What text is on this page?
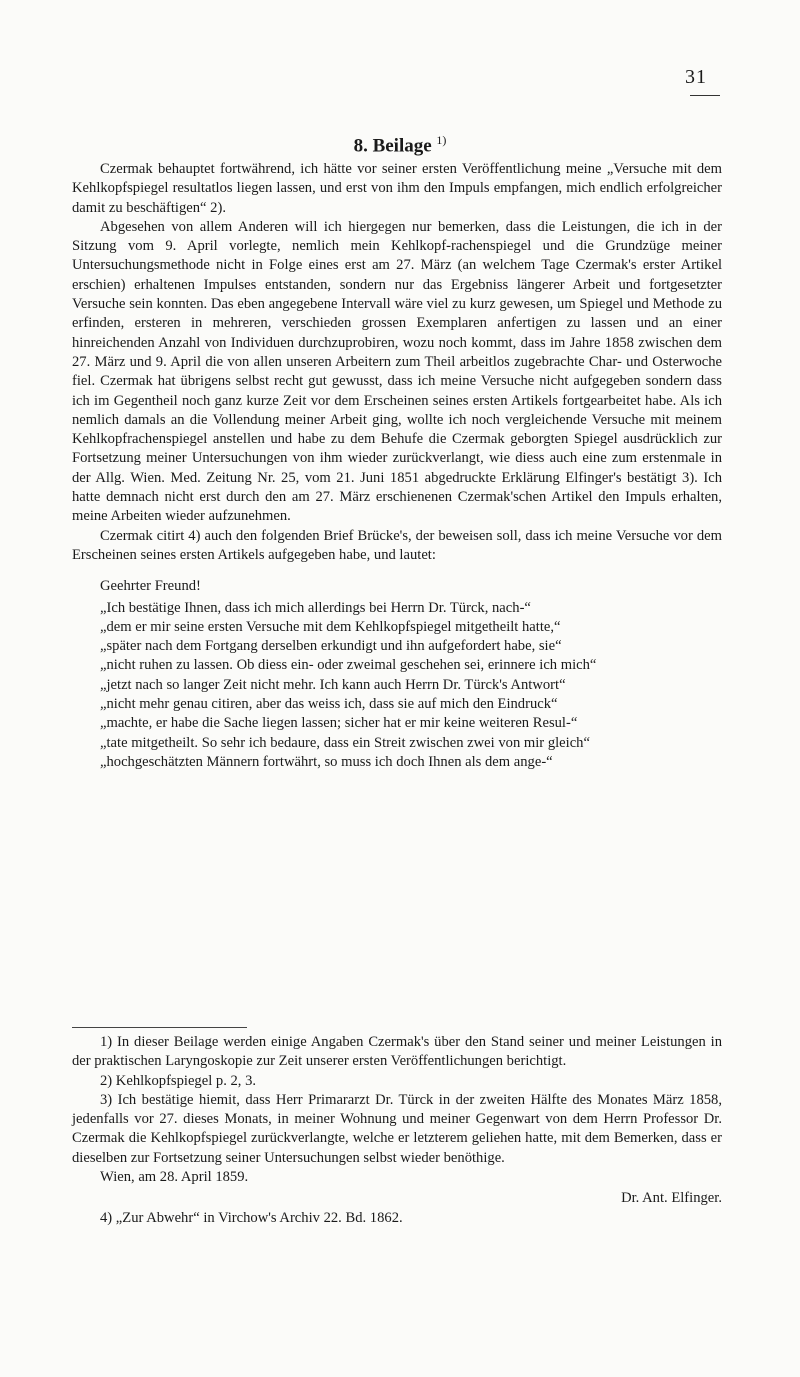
31
8. Beilage $^{1)}$

Czermak behauptet fortwährend, ich hätte vor seiner ersten Veröffentlichung meine „Versuche mit dem Kehlkopfspiegel resultatlos liegen lassen, und erst von ihm den Impuls empfangen, mich endlich erfolgreicher damit zu beschäftigen“ 2).

Abgesehen von allem Anderen will ich hiergegen nur bemerken, dass die Leistungen, die ich in der Sitzung vom 9. April vorlegte, nemlich mein Kehlkopf-rachenspiegel und die Grundzüge meiner Untersuchungsmethode nicht in Folge eines erst am 27. März (an welchem Tage Czermak's erster Artikel erschien) erhaltenen Impulses entstanden, sondern nur das Ergebniss längerer Arbeit und fortgesetzter Versuche sein konnten. Das eben angegebene Intervall wäre viel zu kurz gewesen, um Spiegel und Methode zu erfinden, ersteren in mehreren, verschieden grossen Exemplaren anfertigen zu lassen und an einer hinreichenden Anzahl von Individuen durchzuprobiren, wozu noch kommt, dass im Jahre 1858 zwischen dem 27. März und 9. April die von allen unseren Arbeitern zum Theil arbeitlos zugebrachte Char- und Osterwoche fiel. Czermak hat übrigens selbst recht gut gewusst, dass ich meine Versuche nicht aufgegeben sondern dass ich im Gegentheil noch ganz kurze Zeit vor dem Erscheinen seines ersten Artikels fortgearbeitet habe. Als ich nemlich damals an die Vollendung meiner Arbeit ging, wollte ich noch vergleichende Versuche mit meinem Kehlkopfrachenspiegel anstellen und habe zu dem Behufe die Czermak geborgten Spiegel ausdrücklich zur Fortsetzung meiner Untersuchungen von ihm wieder zurückverlangt, wie diess auch eine zum erstenmale in der Allg. Wien. Med. Zeitung Nr. 25, vom 21. Juni 1851 abgedruckte Erklärung Elfinger's bestätigt 3). Ich hatte demnach nicht erst durch den am 27. März erschienenen Czermak'schen Artikel den Impuls erhalten, meine Arbeiten wieder aufzunehmen.

Czermak citirt 4) auch den folgenden Brief Brücke's, der beweisen soll, dass ich meine Versuche vor dem Erscheinen seines ersten Artikels aufgegeben habe, und lautet:

Geehrter Freund!

„Ich bestätige Ihnen, dass ich mich allerdings bei Herrn Dr. Türck, nach-“

„dem er mir seine ersten Versuche mit dem Kehlkopfspiegel mitgetheilt hatte,“

„später nach dem Fortgang derselben erkundigt und ihn aufgefordert habe, sie“

„nicht ruhen zu lassen. Ob diess ein- oder zweimal geschehen sei, erinnere ich mich“

„jetzt nach so langer Zeit nicht mehr. Ich kann auch Herrn Dr. Türck's Antwort“

„nicht mehr genau citiren, aber das weiss ich, dass sie auf mich den Eindruck“

„machte, er habe die Sache liegen lassen; sicher hat er mir keine weiteren Resul-“

„tate mitgetheilt. So sehr ich bedaure, dass ein Streit zwischen zwei von mir gleich“

„hochgeschätzten Männern fortwährt, so muss ich doch Ihnen als dem ange-“

1) In dieser Beilage werden einige Angaben Czermak's über den Stand seiner und meiner Leistungen in der praktischen Laryngoskopie zur Zeit unserer ersten Veröffentlichungen berichtigt.

2) Kehlkopfspiegel p. 2, 3.

3) Ich bestätige hiemit, dass Herr Primararzt Dr. Türck in der zweiten Hälfte des Monates März 1858, jedenfalls vor 27. dieses Monats, in meiner Wohnung und meiner Gegenwart von dem Herrn Professor Dr. Czermak die Kehlkopfspiegel zurückverlangte, welche er letzterem geliehen hatte, mit dem Bemerken, dass er dieselben zur Fortsetzung seiner Untersuchungen selbst wieder benöthige.

Wien, am 28. April 1859.

Dr. Ant. Elfinger.

4) „Zur Abwehr“ in Virchow's Archiv 22. Bd. 1862.
